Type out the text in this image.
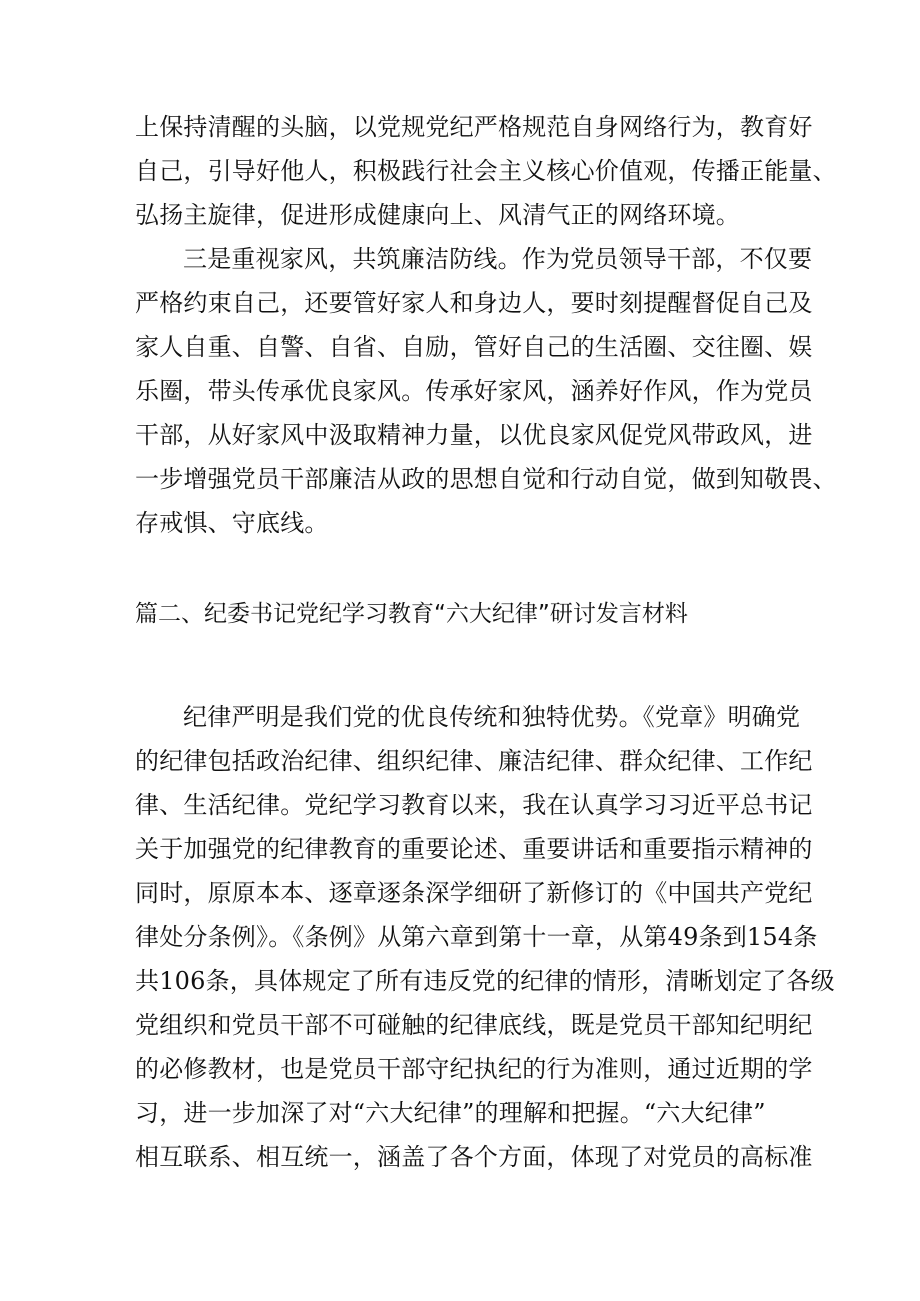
上保持清醒的头脑，以党规党纪严格规范自身网络行为，教育好

自己，引导好他人，积极践行社会主义核心价值观，传播正能量、

弘扬主旋律，促进形成健康向上、风清气正的网络环境。

三是重视家风，共筑廉洁防线。作为党员领导干部，不仅要

严格约束自己，还要管好家人和身边人，要时刻提醒督促自己及

家人自重、自警、自省、自励，管好自己的生活圈、交往圈、娱

乐圈，带头传承优良家风。传承好家风，涵养好作风，作为党员

干部，从好家风中汲取精神力量，以优良家风促党风带政风，进

一步增强党员干部廉洁从政的思想自觉和行动自觉，做到知敬畏、

存戒惧、守底线。

篇二、纪委书记党纪学习教育“六大纪律”研讨发言材料

纪律严明是我们党的优良传统和独特优势。《党章》明确党

的纪律包括政治纪律、组织纪律、廉洁纪律、群众纪律、工作纪

律、生活纪律。党纪学习教育以来，我在认真学习习近平总书记

关于加强党的纪律教育的重要论述、重要讲话和重要指示精神的

同时，原原本本、逐章逐条深学细研了新修订的《中国共产党纪

律处分条例》。《条例》从第六章到第十一章，从第49条到154条

共106条，具体规定了所有违反党的纪律的情形，清晰划定了各级

党组织和党员干部不可碰触的纪律底线，既是党员干部知纪明纪

的必修教材，也是党员干部守纪执纪的行为准则，通过近期的学

习，进一步加深了对“六大纪律”的理解和把握。“六大纪律”

相互联系、相互统一，涵盖了各个方面，体现了对党员的高标准
